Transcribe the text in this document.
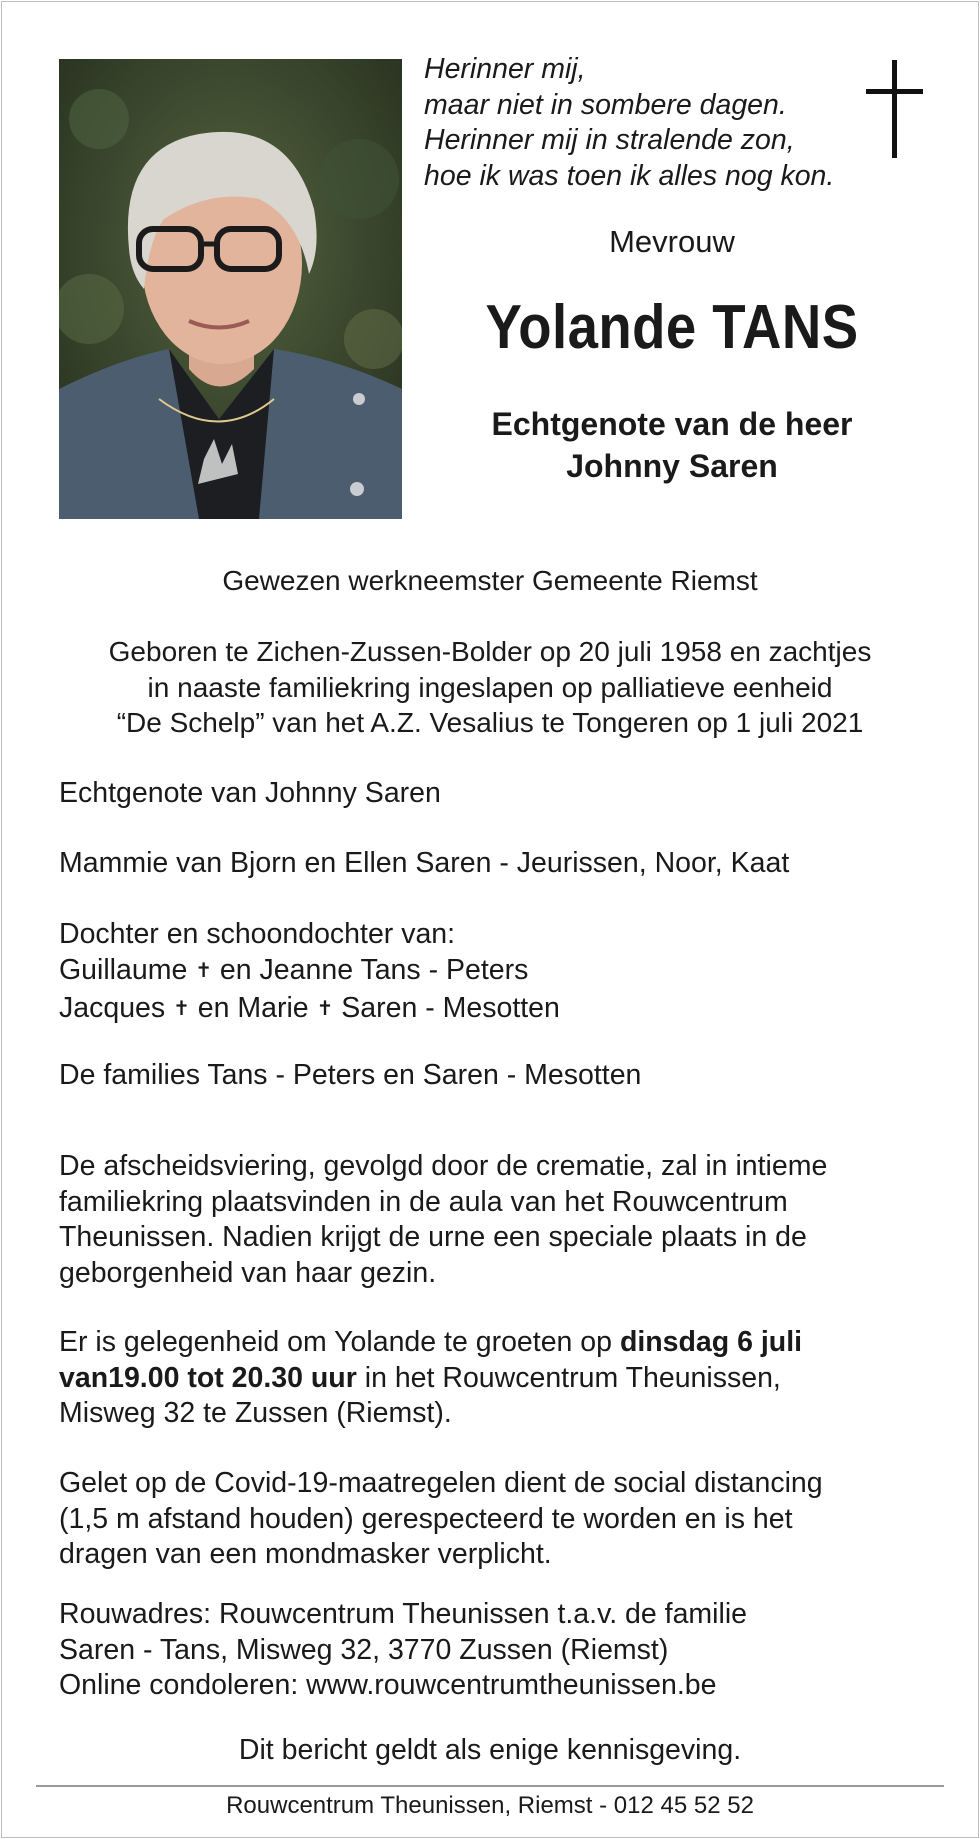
Herinner mij,
maar niet in sombere dagen.
Herinner mij in stralende zon,
hoe ik was toen ik alles nog kon.
Mevrouw
Yolande TANS
Echtgenote van de heer
Johnny Saren
Gewezen werkneemster Gemeente Riemst
Geboren te Zichen-Zussen-Bolder op 20 juli 1958 en zachtjes
in naaste familiekring ingeslapen op palliatieve eenheid
“De Schelp” van het A.Z. Vesalius te Tongeren op 1 juli 2021
Echtgenote van Johnny Saren
Mammie van Bjorn en Ellen Saren - Jeurissen, Noor, Kaat
Dochter en schoondochter van:
Guillaume ✝ en Jeanne Tans - Peters
Jacques ✝ en Marie ✝ Saren - Mesotten
De families Tans - Peters en Saren - Mesotten
De afscheidsviering, gevolgd door de crematie, zal in intieme
familiekring plaatsvinden in de aula van het Rouwcentrum
Theunissen. Nadien krijgt de urne een speciale plaats in de
geborgenheid van haar gezin.
Er is gelegenheid om Yolande te groeten op dinsdag 6 juli
van19.00 tot 20.30 uur in het Rouwcentrum Theunissen,
Misweg 32 te Zussen (Riemst).
Gelet op de Covid-19-maatregelen dient de social distancing
(1,5 m afstand houden) gerespecteerd te worden en is het
dragen van een mondmasker verplicht.
Rouwadres: Rouwcentrum Theunissen t.a.v. de familie
Saren - Tans, Misweg 32, 3770 Zussen (Riemst)
Online condoleren: www.rouwcentrumtheunissen.be
Dit bericht geldt als enige kennisgeving.
Rouwcentrum Theunissen, Riemst - 012 45 52 52
